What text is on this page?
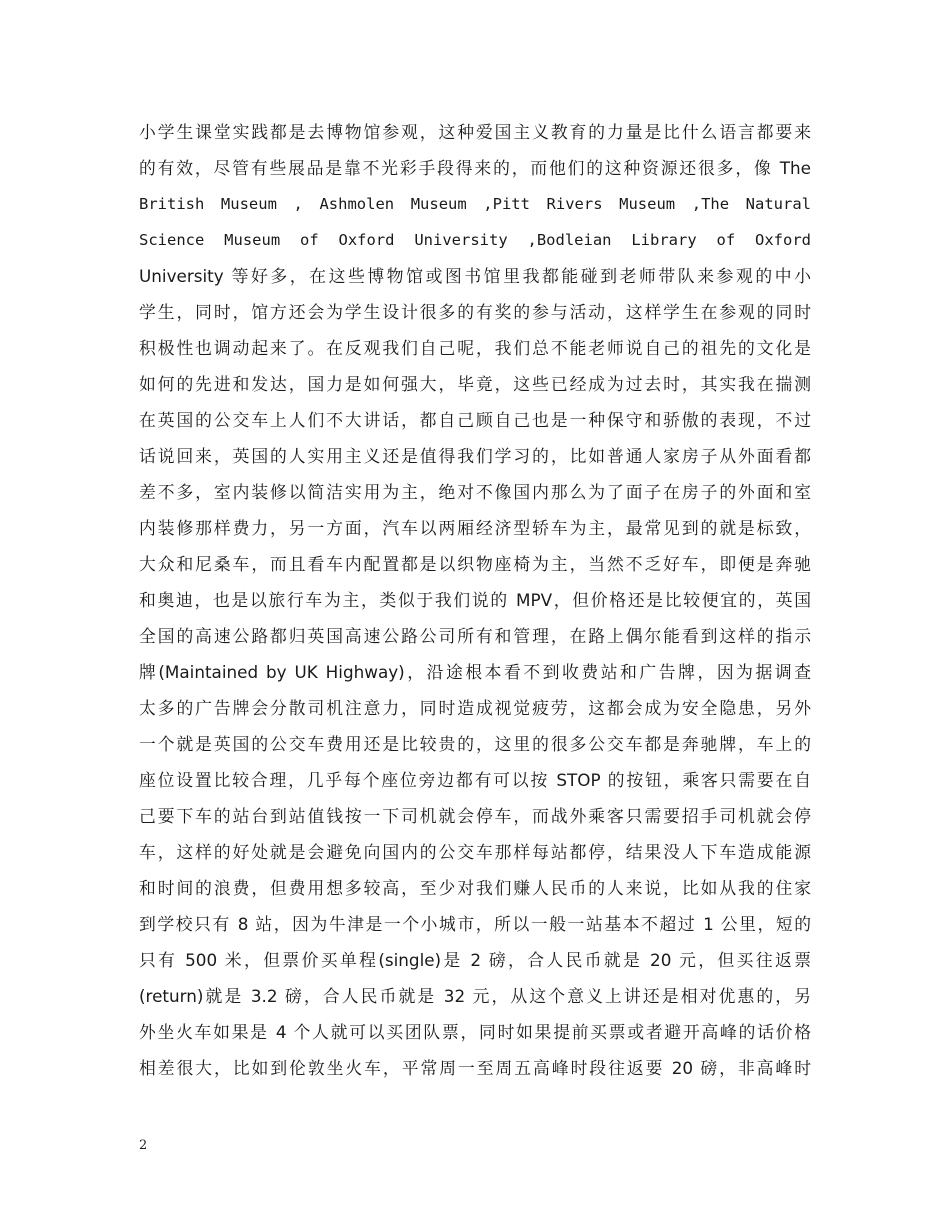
小学生课堂实践都是去博物馆参观，这种爱国主义教育的力量是比什么语言都要来
的有效，尽管有些展品是靠不光彩手段得来的，而他们的这种资源还很多，像 The
British Museum , Ashmolen Museum ,Pitt Rivers Museum ,The Natural
Science Museum of Oxford University ,Bodleian Library of Oxford
University 等好多，在这些博物馆或图书馆里我都能碰到老师带队来参观的中小
学生，同时，馆方还会为学生设计很多的有奖的参与活动，这样学生在参观的同时
积极性也调动起来了。在反观我们自己呢，我们总不能老师说自己的祖先的文化是
如何的先进和发达，国力是如何强大，毕竟，这些已经成为过去时，其实我在揣测
在英国的公交车上人们不大讲话，都自己顾自己也是一种保守和骄傲的表现，不过
话说回来，英国的人实用主义还是值得我们学习的，比如普通人家房子从外面看都
差不多，室内装修以简洁实用为主，绝对不像国内那么为了面子在房子的外面和室
内装修那样费力，另一方面，汽车以两厢经济型轿车为主，最常见到的就是标致，
大众和尼桑车，而且看车内配置都是以织物座椅为主，当然不乏好车，即便是奔驰
和奥迪，也是以旅行车为主，类似于我们说的 MPV，但价格还是比较便宜的，英国
全国的高速公路都归英国高速公路公司所有和管理，在路上偶尔能看到这样的指示
牌(Maintained by UK Highway)，沿途根本看不到收费站和广告牌，因为据调查
太多的广告牌会分散司机注意力，同时造成视觉疲劳，这都会成为安全隐患，另外
一个就是英国的公交车费用还是比较贵的，这里的很多公交车都是奔驰牌，车上的
座位设置比较合理，几乎每个座位旁边都有可以按 STOP 的按钮，乘客只需要在自
己要下车的站台到站值钱按一下司机就会停车，而战外乘客只需要招手司机就会停
车，这样的好处就是会避免向国内的公交车那样每站都停，结果没人下车造成能源
和时间的浪费，但费用想多较高，至少对我们赚人民币的人来说，比如从我的住家
到学校只有 8 站，因为牛津是一个小城市，所以一般一站基本不超过 1 公里，短的
只有 500 米，但票价买单程(single)是 2 磅，合人民币就是 20 元，但买往返票
(return)就是 3.2 磅，合人民币就是 32 元，从这个意义上讲还是相对优惠的，另
外坐火车如果是 4 个人就可以买团队票，同时如果提前买票或者避开高峰的话价格
相差很大，比如到伦敦坐火车，平常周一至周五高峰时段往返要 20 磅，非高峰时
2
